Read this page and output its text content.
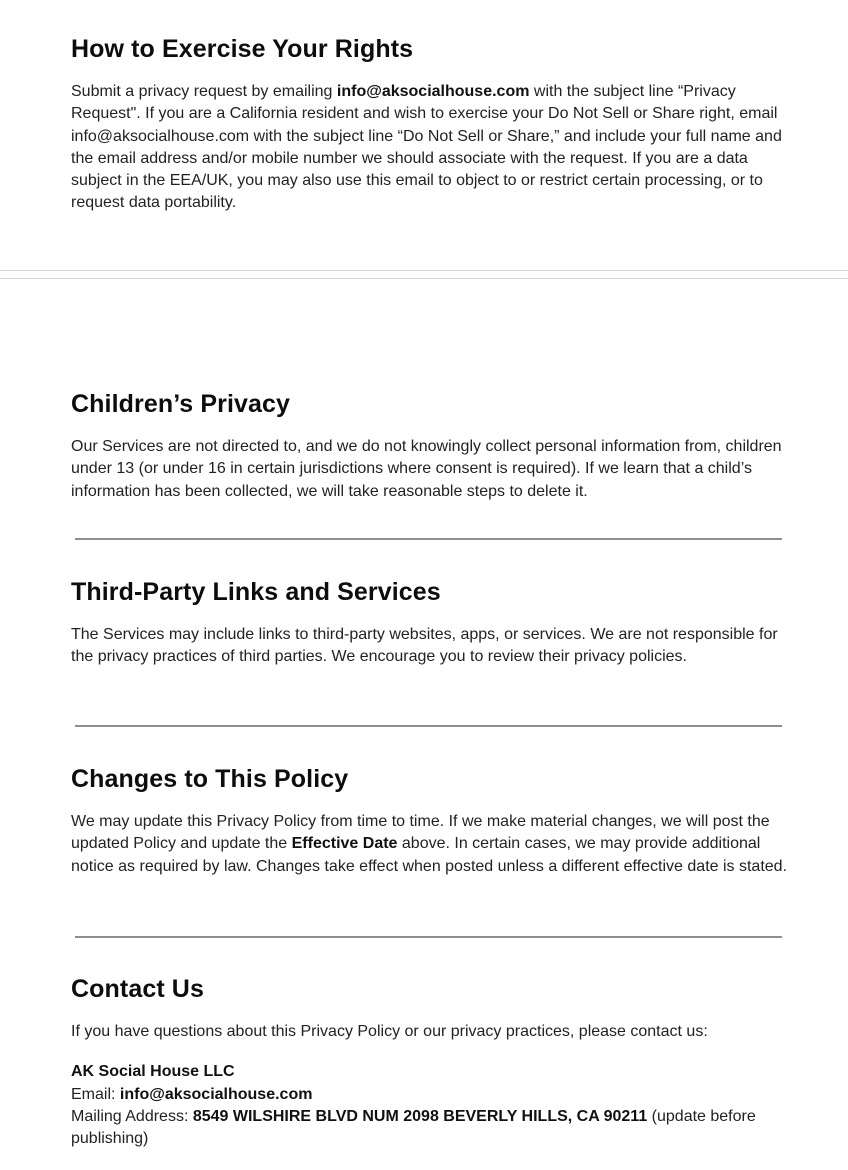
How to Exercise Your Rights

Submit a privacy request by emailing info@aksocialhouse.com with the subject line “Privacy Request". If you are a California resident and wish to exercise your Do Not Sell or Share right, email info@aksocialhouse.com with the subject line “Do Not Sell or Share,” and include your full name and the email address and/or mobile number we should associate with the request. If you are a data subject in the EEA/UK, you may also use this email to object to or restrict certain processing, or to request data portability.

Children’s Privacy

Our Services are not directed to, and we do not knowingly collect personal information from, children under 13 (or under 16 in certain jurisdictions where consent is required). If we learn that a child’s information has been collected, we will take reasonable steps to delete it.

Third-Party Links and Services

The Services may include links to third-party websites, apps, or services. We are not responsible for the privacy practices of third parties. We encourage you to review their privacy policies.

Changes to This Policy

We may update this Privacy Policy from time to time. If we make material changes, we will post the updated Policy and update the Effective Date above. In certain cases, we may provide additional notice as required by law. Changes take effect when posted unless a different effective date is stated.

Contact Us

If you have questions about this Privacy Policy or our privacy practices, please contact us:

AK Social House LLC
Email: info@aksocialhouse.com
Mailing Address: 8549 WILSHIRE BLVD NUM 2098 BEVERLY HILLS, CA 90211 (update before publishing)
